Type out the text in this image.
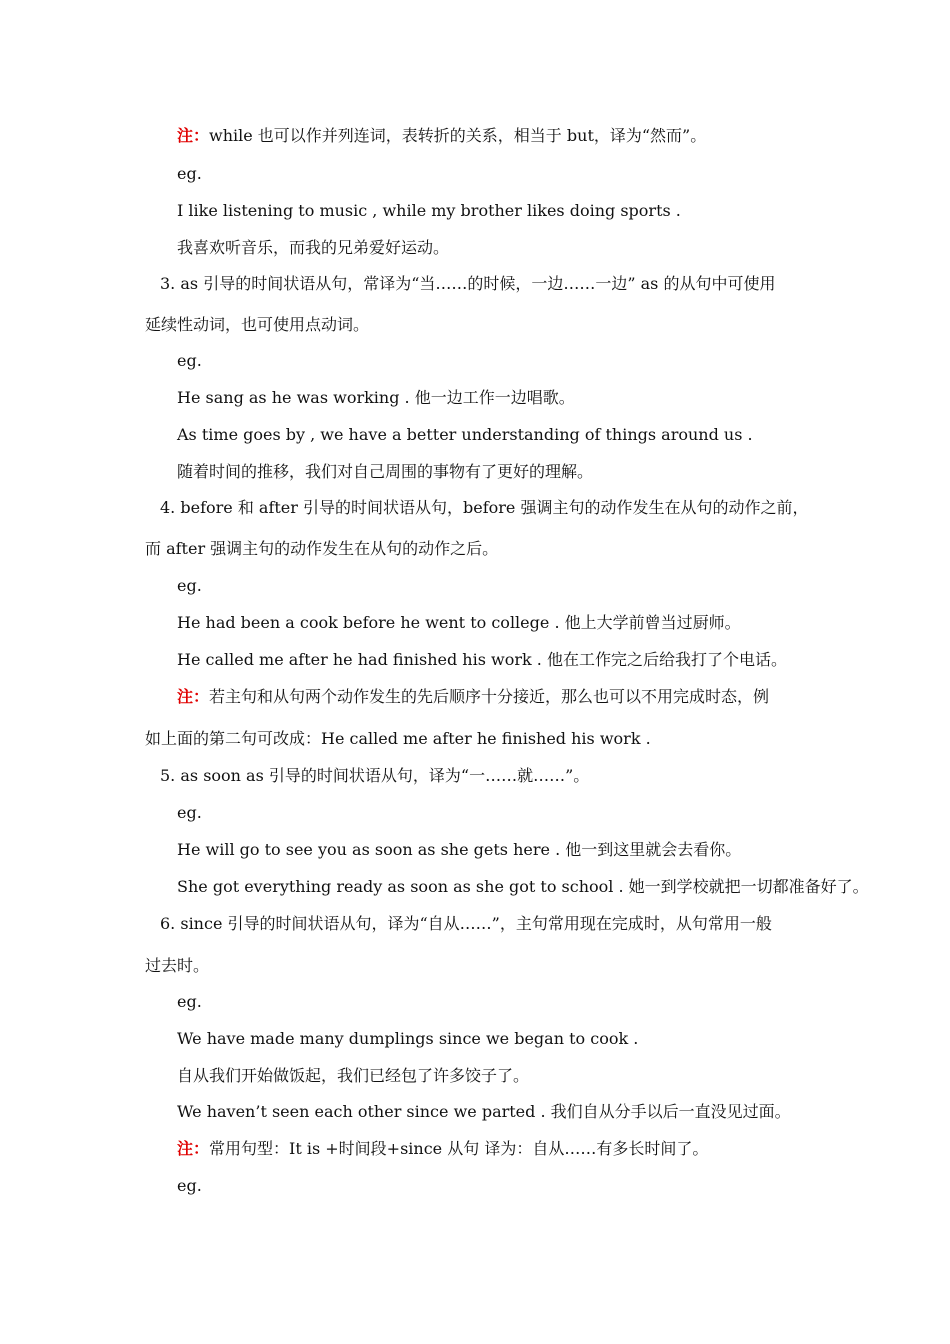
注：while 也可以作并列连词，表转折的关系，相当于 but，译为“然而”。
eg.
I like listening to music , while my brother likes doing sports .
我喜欢听音乐，而我的兄弟爱好运动。
3. as 引导的时间状语从句，常译为“当……的时候，一边……一边” as 的从句中可使用
延续性动词，也可使用点动词。
eg.
He sang as he was working . 他一边工作一边唱歌。
As time goes by , we have a better understanding of things around us .
随着时间的推移，我们对自己周围的事物有了更好的理解。
4. before 和 after 引导的时间状语从句，before 强调主句的动作发生在从句的动作之前，
而 after 强调主句的动作发生在从句的动作之后。
eg.
He had been a cook before he went to college . 他上大学前曾当过厨师。
He called me after he had finished his work . 他在工作完之后给我打了个电话。
注：若主句和从句两个动作发生的先后顺序十分接近，那么也可以不用完成时态，例
如上面的第二句可改成：He called me after he finished his work .
5. as soon as 引导的时间状语从句，译为“一……就……”。
eg.
He will go to see you as soon as she gets here . 他一到这里就会去看你。
She got everything ready as soon as she got to school . 她一到学校就把一切都准备好了。
6. since 引导的时间状语从句，译为“自从……”，主句常用现在完成时，从句常用一般
过去时。
eg.
We have made many dumplings since we began to cook .
自从我们开始做饭起，我们已经包了许多饺子了。
We haven’t seen each other since we parted . 我们自从分手以后一直没见过面。
注：常用句型：It is +时间段+since 从句 译为：自从……有多长时间了。
eg.
